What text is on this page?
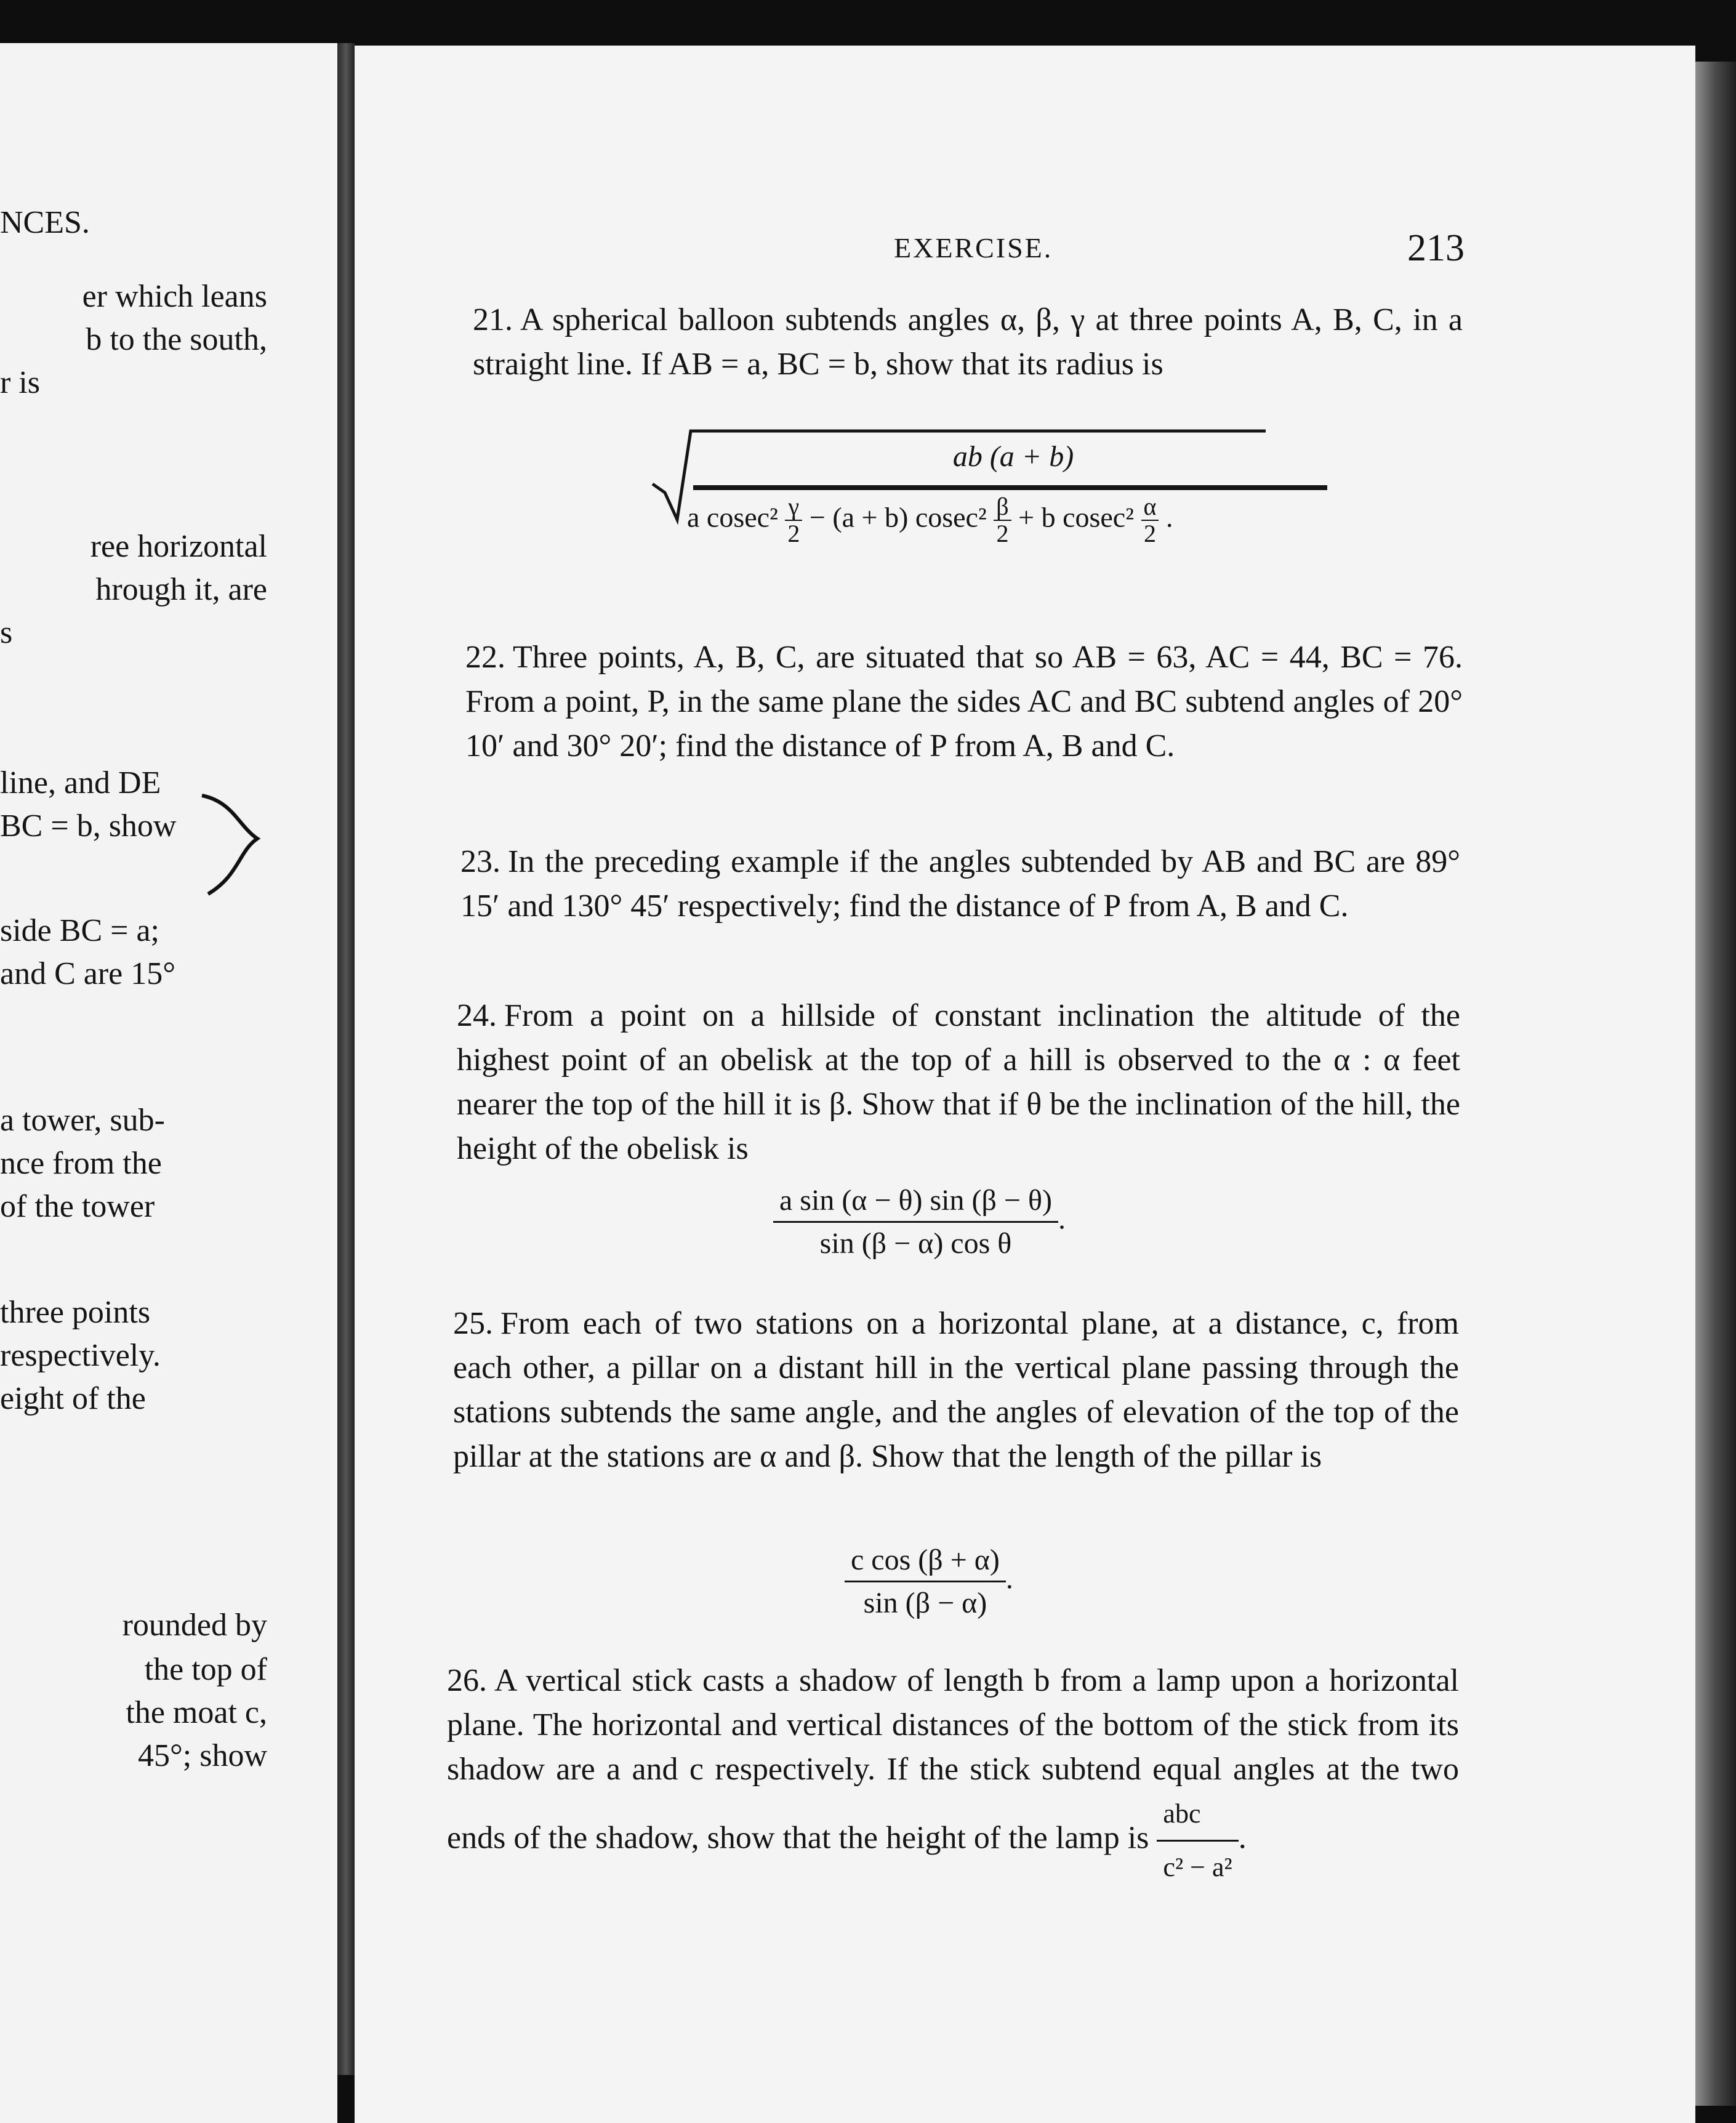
NCES.
er which leans
b to the south,
r is
ree horizontal
hrough it, are
s
line, and DE
BC = b, show
side BC = a;
and C are 15°
a tower, sub-
nce from the
of the tower
three points
respectively.
eight of the
rounded by
the top of
the moat c,
45°; show
EXERCISE.	213
21. A spherical balloon subtends angles α, β, γ at three points A, B, C, in a straight line. If AB = a, BC = b, show that its radius is
ab (a + b)
a $cosec^2 \frac{\gamma}{2} - (a + b)$ $cosec^2 \frac{\beta}{2} + b$ $cosec^2 \frac{\alpha}{2}$ .
22. Three points, A, B, C, are situated that so AB = 63, AC = 44, BC = 76. From a point, P, in the same plane the sides AC and BC subtend angles of 20° 10′ and 30° 20′; find the distance of P from A, B and C.
23. In the preceding example if the angles subtended by AB and BC are 89° 15′ and 130° 45′ respectively; find the distance of P from A, B and C.
24. From a point on a hillside of constant inclination the altitude of the highest point of an obelisk at the top of a hill is observed to the α : α feet nearer the top of the hill it is β. Show that if θ be the inclination of the hill, the height of the obelisk is
$\frac{\text{a sin (α − θ) sin (β − θ)}}{\text{sin (β − α) cos θ}}$ .
25. From each of two stations on a horizontal plane, at a distance, c, from each other, a pillar on a distant hill in the vertical plane passing through the stations subtends the same angle, and the angles of elevation of the top of the pillar at the stations are α and β. Show that the length of the pillar is
$\frac{\text{c cos (β + α)}}{\sin (\beta - \alpha)}$ .
26. A vertical stick casts a shadow of length b from a lamp upon a horizontal plane. The horizontal and vertical distances of the bottom of the stick from its shadow are a and c respectively. If the stick subtend equal angles at the two ends of the shadow, show that the height of the lamp is $\frac{\text{abc}}{\text{c² − a²}}$ .
